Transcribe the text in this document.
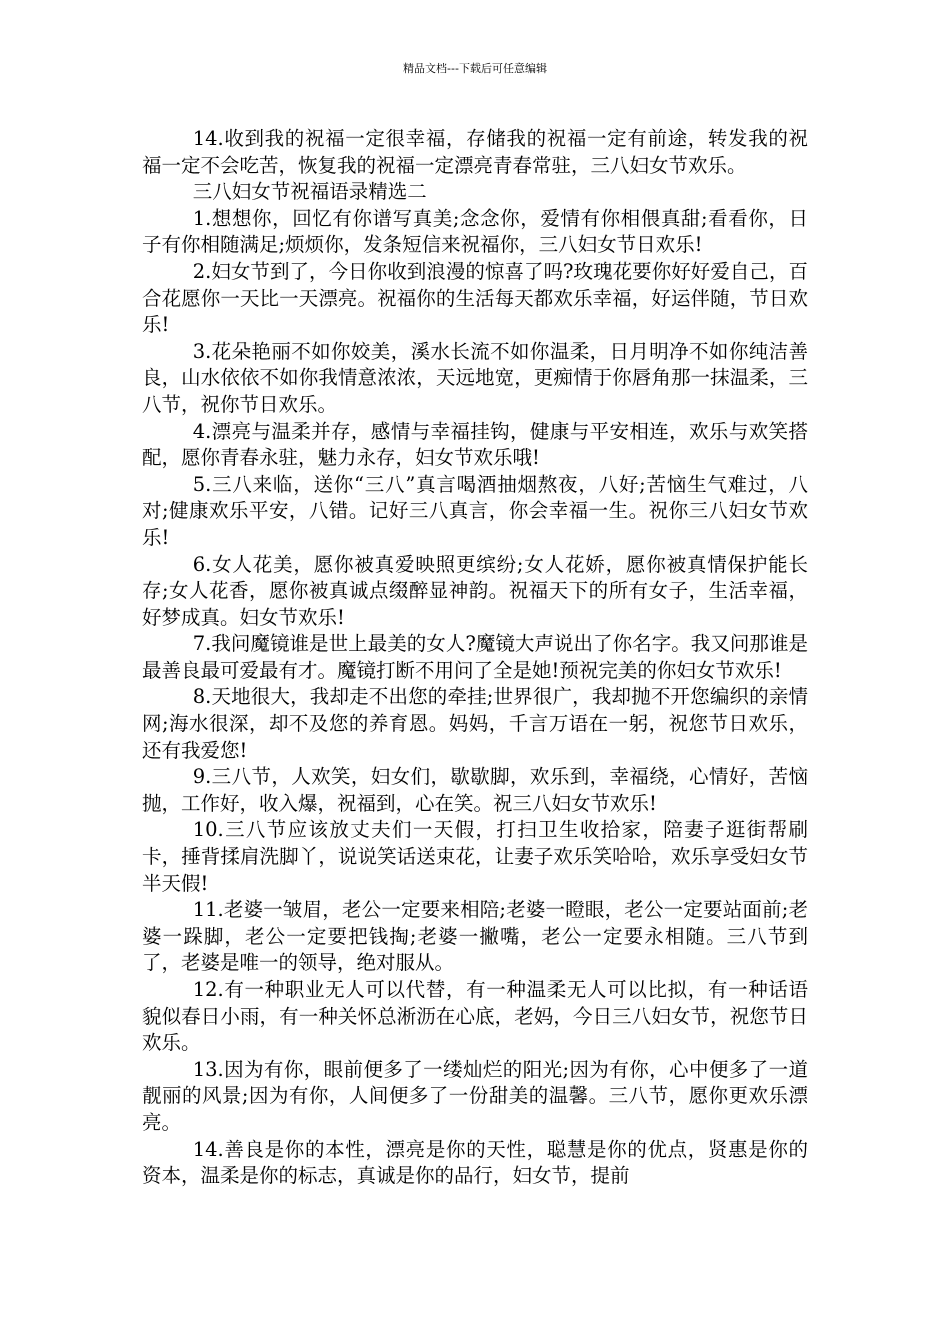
精品文档---下载后可任意编辑

14.收到我的祝福一定很幸福，存储我的祝福一定有前途，转发我的祝福一定不会吃苦，恢复我的祝福一定漂亮青春常驻，三八妇女节欢乐。

三八妇女节祝福语录精选二

1.想想你，回忆有你谱写真美;念念你，爱情有你相偎真甜;看看你，日子有你相随满足;烦烦你，发条短信来祝福你，三八妇女节日欢乐!

2.妇女节到了，今日你收到浪漫的惊喜了吗?玫瑰花要你好好爱自己，百合花愿你一天比一天漂亮。祝福你的生活每天都欢乐幸福，好运伴随，节日欢乐!

3.花朵艳丽不如你姣美，溪水长流不如你温柔，日月明净不如你纯洁善良，山水依依不如你我情意浓浓，天远地宽，更痴情于你唇角那一抹温柔，三八节，祝你节日欢乐。

4.漂亮与温柔并存，感情与幸福挂钩，健康与平安相连，欢乐与欢笑搭配，愿你青春永驻，魅力永存，妇女节欢乐哦!

5.三八来临，送你“三八”真言喝酒抽烟熬夜，八好;苦恼生气难过，八对;健康欢乐平安，八错。记好三八真言，你会幸福一生。祝你三八妇女节欢乐!

6.女人花美，愿你被真爱映照更缤纷;女人花娇，愿你被真情保护能长存;女人花香，愿你被真诚点缀醉显神韵。祝福天下的所有女子，生活幸福，好梦成真。妇女节欢乐!

7.我问魔镜谁是世上最美的女人?魔镜大声说出了你名字。我又问那谁是最善良最可爱最有才。魔镜打断不用问了全是她!预祝完美的你妇女节欢乐!

8.天地很大，我却走不出您的牵挂;世界很广，我却抛不开您编织的亲情网;海水很深，却不及您的养育恩。妈妈，千言万语在一躬，祝您节日欢乐，还有我爱您!

9.三八节，人欢笑，妇女们，歇歇脚，欢乐到，幸福绕，心情好，苦恼抛，工作好，收入爆，祝福到，心在笑。祝三八妇女节欢乐!

10.三八节应该放丈夫们一天假，打扫卫生收拾家，陪妻子逛街帮刷卡，捶背揉肩洗脚丫，说说笑话送束花，让妻子欢乐笑哈哈，欢乐享受妇女节半天假!

11.老婆一皱眉，老公一定要来相陪;老婆一瞪眼，老公一定要站面前;老婆一跺脚，老公一定要把钱掏;老婆一撇嘴，老公一定要永相随。三八节到了，老婆是唯一的领导，绝对服从。

12.有一种职业无人可以代替，有一种温柔无人可以比拟，有一种话语貌似春日小雨，有一种关怀总淅沥在心底，老妈，今日三八妇女节，祝您节日欢乐。

13.因为有你，眼前便多了一缕灿烂的阳光;因为有你，心中便多了一道靓丽的风景;因为有你，人间便多了一份甜美的温馨。三八节，愿你更欢乐漂亮。

14.善良是你的本性，漂亮是你的天性，聪慧是你的优点，贤惠是你的资本，温柔是你的标志，真诚是你的品行，妇女节，提前
